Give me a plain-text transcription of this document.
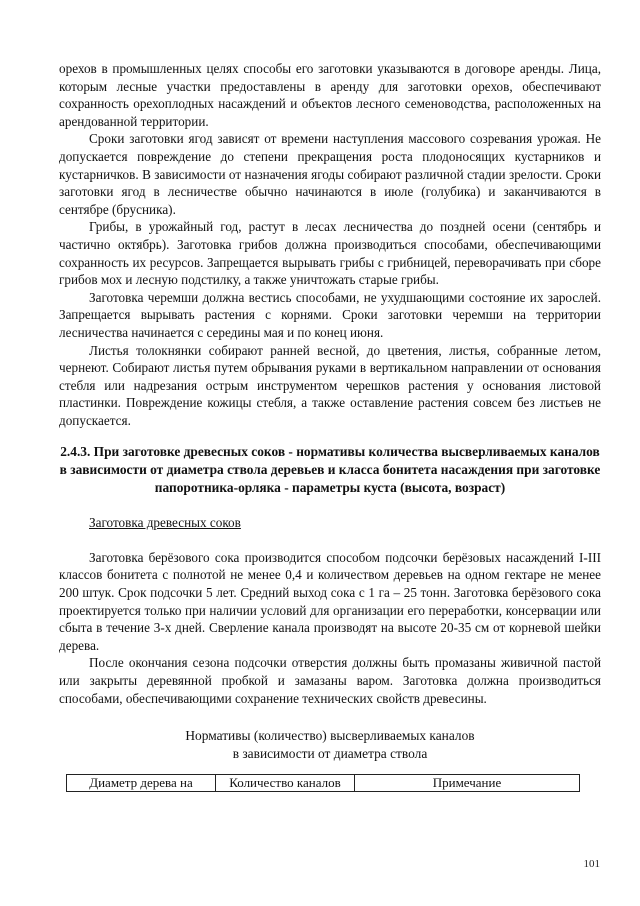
орехов в промышленных целях способы его заготовки указываются в договоре аренды. Лица, которым лесные участки предоставлены в аренду для заготовки орехов, обеспечивают сохранность орехоплодных насаждений и объектов лесного семеноводства, расположенных на арендованной территории.

Сроки заготовки ягод зависят от времени наступления массового созревания урожая. Не допускается повреждение до степени прекращения роста плодоносящих кустарников и кустарничков. В зависимости от назначения ягоды собирают различной стадии зрелости. Сроки заготовки ягод в лесничестве обычно начинаются в июле (голубика) и заканчиваются в сентябре (брусника).

Грибы, в урожайный год, растут в лесах лесничества до поздней осени (сентябрь и частично октябрь). Заготовка грибов должна производиться способами, обеспечивающими сохранность их ресурсов. Запрещается вырывать грибы с грибницей, переворачивать при сборе грибов мох и лесную подстилку, а также уничтожать старые грибы.

Заготовка черемши должна вестись способами, не ухудшающими состояние их зарослей. Запрещается вырывать растения с корнями. Сроки заготовки черемши на территории лесничества начинается с середины мая и по конец июня.

Листья толокнянки собирают ранней весной, до цветения, листья, собранные летом, чернеют. Собирают листья путем обрывания руками в вертикальном направлении от основания стебля или надрезания острым инструментом черешков растения у основания листовой пластинки. Повреждение кожицы стебля, а также оставление растения совсем без листьев не допускается.

2.4.3. При заготовке древесных соков - нормативы количества высверливаемых каналов в зависимости от диаметра ствола деревьев и класса бонитета насаждения при заготовке папоротника-орляка - параметры куста (высота, возраст)
Заготовка древесных соков

Заготовка берёзового сока производится способом подсочки берёзовых насаждений I-III классов бонитета с полнотой не менее 0,4 и количеством деревьев на одном гектаре не менее 200 штук. Срок подсочки 5 лет. Средний выход сока с 1 га – 25 тонн. Заготовка берёзового сока проектируется только при наличии условий для организации его переработки, консервации или сбыта в течение 3-х дней. Сверление канала производят на высоте 20-35 см от корневой шейки дерева.

После окончания сезона подсочки отверстия должны быть промазаны живичной пастой или закрыты деревянной пробкой и замазаны варом. Заготовка должна производиться способами, обеспечивающими сохранение технических свойств древесины.

Нормативы (количество) высверливаемых каналов
в зависимости от диаметра ствола
Диаметр дерева на	Количество каналов	Примечание
101
